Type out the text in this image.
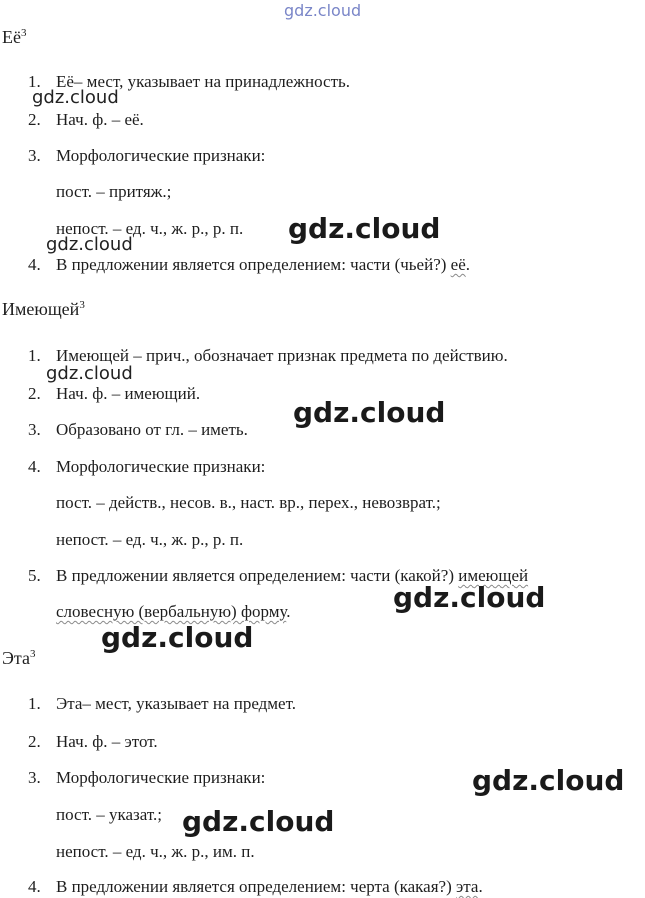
gdz.cloud
$Её^3$
1. Её– мест, указывает на принадлежность.
2. Нач. ф. – её.
3. Морфологические признаки:
пост. – притяж.;
непост. – ед. ч., ж. р., р. п.
4. В предложении является определением: части (чьей?) её.
Имеющей$^3$
1. Имеющей – прич., обозначает признак предмета по действию.
2. Нач. ф. – имеющий.
3. Образовано от гл. – иметь.
4. Морфологические признаки:
пост. – действ., несов. в., наст. вр., перех., невозврат.;
непост. – ед. ч., ж. р., р. п.
5. В предложении является определением: части (какой?) имеющей
словесную (вербальную) форму.
Эта$^3$
1. Эта– мест, указывает на предмет.
2. Нач. ф. – этот.
3. Морфологические признаки:
пост. – указат.;
непост. – ед. ч., ж. р., им. п.
4. В предложении является определением: черта (какая?) эта.
gdz.cloud
gdz.cloud
gdz.cloud
gdz.cloud
gdz.cloud
gdz.cloud
gdz.cloud
gdz.cloud
gdz.cloud
